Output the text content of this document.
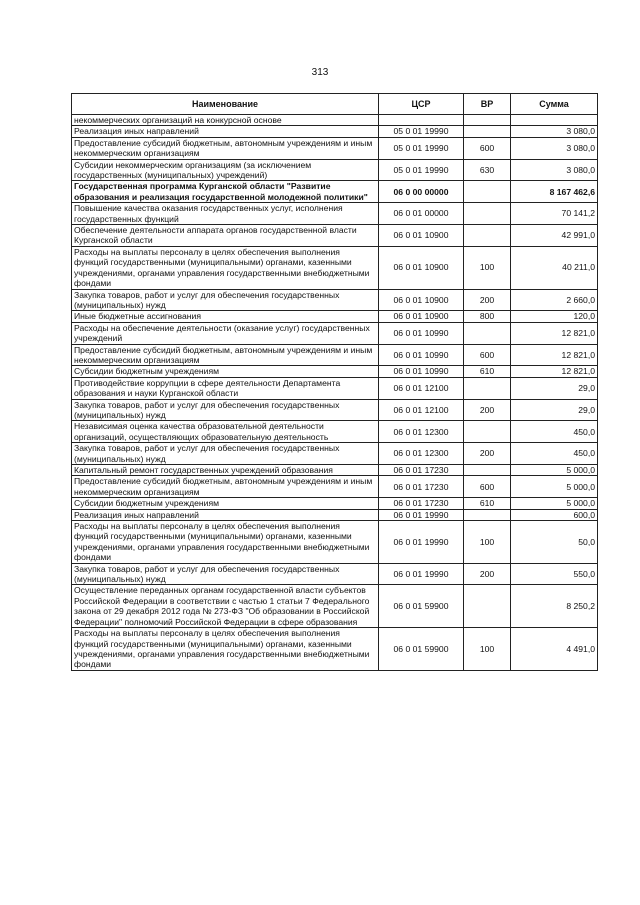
313
Наименование	ЦСР	ВР	Сумма
некоммерческих организаций на конкурсной основе			
Реализация иных направлений	05 0 01 19990		3 080,0
Предоставление субсидий бюджетным, автономным учреждениям и иным некоммерческим организациям	05 0 01 19990	600	3 080,0
Субсидии некоммерческим организациям (за исключением государственных (муниципальных) учреждений)	05 0 01 19990	630	3 080,0
Государственная программа Курганской области "Развитие образования и реализация государственной молодежной политики"	06 0 00 00000		8 167 462,6
Повышение качества оказания государственных услуг, исполнения государственных функций	06 0 01 00000		70 141,2
Обеспечение деятельности аппарата органов государственной власти Курганской области	06 0 01 10900		42 991,0
Расходы на выплаты персоналу в целях обеспечения выполнения функций государственными (муниципальными) органами, казенными учреждениями, органами управления государственными внебюджетными фондами	06 0 01 10900	100	40 211,0
Закупка товаров, работ и услуг для обеспечения государственных (муниципальных) нужд	06 0 01 10900	200	2 660,0
Иные бюджетные ассигнования	06 0 01 10900	800	120,0
Расходы на обеспечение деятельности (оказание услуг) государственных учреждений	06 0 01 10990		12 821,0
Предоставление субсидий бюджетным, автономным учреждениям и иным некоммерческим организациям	06 0 01 10990	600	12 821,0
Субсидии бюджетным учреждениям	06 0 01 10990	610	12 821,0
Противодействие коррупции в сфере деятельности Департамента образования и науки Курганской области	06 0 01 12100		29,0
Закупка товаров, работ и услуг для обеспечения государственных (муниципальных) нужд	06 0 01 12100	200	29,0
Независимая оценка качества образовательной деятельности организаций, осуществляющих образовательную деятельность	06 0 01 12300		450,0
Закупка товаров, работ и услуг для обеспечения государственных (муниципальных) нужд	06 0 01 12300	200	450,0
Капитальный ремонт государственных учреждений образования	06 0 01 17230		5 000,0
Предоставление субсидий бюджетным, автономным учреждениям и иным некоммерческим организациям	06 0 01 17230	600	5 000,0
Субсидии бюджетным учреждениям	06 0 01 17230	610	5 000,0
Реализация иных направлений	06 0 01 19990		600,0
Расходы на выплаты персоналу в целях обеспечения выполнения функций государственными (муниципальными) органами, казенными учреждениями, органами управления государственными внебюджетными фондами	06 0 01 19990	100	50,0
Закупка товаров, работ и услуг для обеспечения государственных (муниципальных) нужд	06 0 01 19990	200	550,0
Осуществление переданных органам государственной власти субъектов Российской Федерации в соответствии с частью 1 статьи 7 Федерального закона от 29 декабря 2012 года № 273-ФЗ "Об образовании в Российской Федерации" полномочий Российской Федерации в сфере образования	06 0 01 59900		8 250,2
Расходы на выплаты персоналу в целях обеспечения выполнения функций государственными (муниципальными) органами, казенными учреждениями, органами управления государственными внебюджетными фондами	06 0 01 59900	100	4 491,0
